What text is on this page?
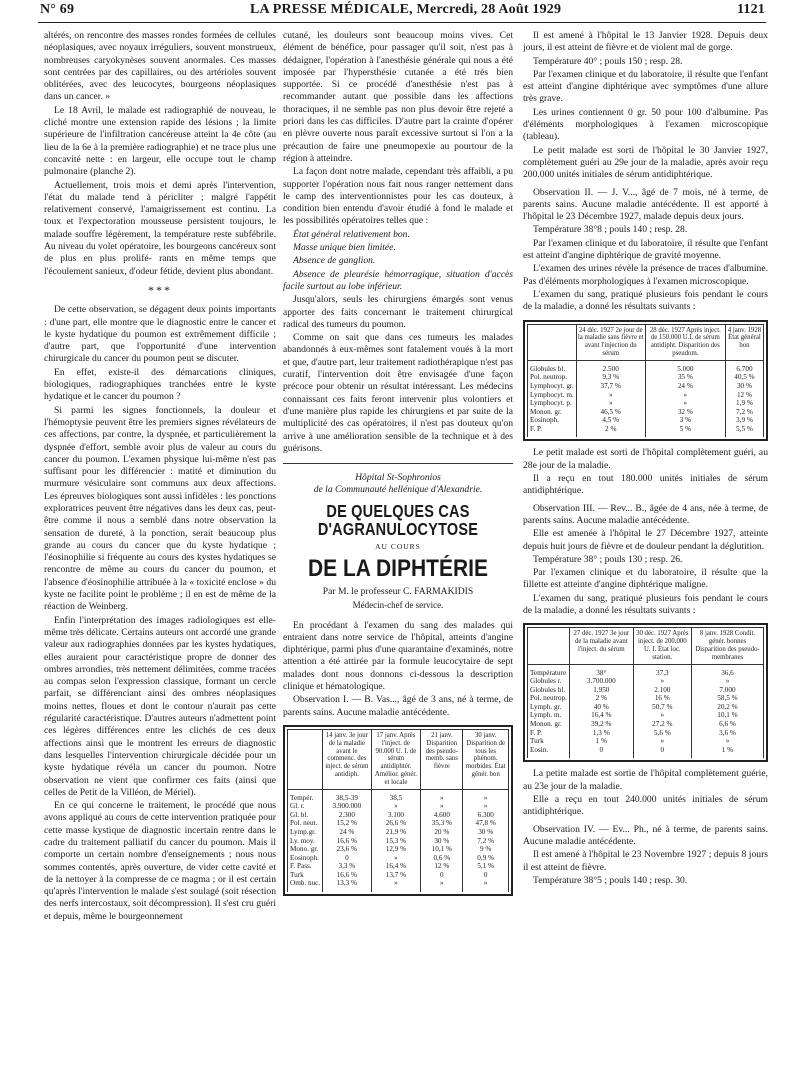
N° 69	LA PRESSE MÉDICALE, Mercredi, 28 Août 1929	1121

altérés, on rencontre des masses rondes formées de cellules néoplasiques, avec noyaux irréguliers, souvent monstrueux, nombreuses caryokynèses souvent anormales. Ces masses sont centrées par des capillaires, ou des artérioles souvent oblitérées, avec des leucocytes, bourgeons néoplasiques dans un cancer. »

Le 18 Avril, le malade est radiographié de nouveau, le cliché montre une extension rapide des lésions ; la limite supérieure de l'infiltration cancéreuse atteint la 4e côte (au lieu de la 6e à la première radiographie) et ne trace plus une concavité nette : en largeur, elle occupe tout le champ pulmonaire (planche 2).

Actuellement, trois mois et demi après l'intervention, l'état du malade tend à péricliter ; malgré l'appétit relativement conservé, l'amaigrissement est continu. La toux et l'expectoration mousseuse persistent toujours, le malade souffre légèrement, la température reste subfébrile. Au niveau du volet opératoire, les bourgeons cancéreux sont de plus en plus prolifé- rants en même temps que l'écoulement sanieux, d'odeur fétide, devient plus abondant.

***

De cette observation, se dégagent deux points importants : d'une part, elle montre que le diagnostic entre le cancer et le kyste hydatique du poumon est extrêmement difficile ; d'autre part, que l'opportunité d'une intervention chirurgicale du cancer du poumon peut se discuter.

En effet, existe-il des démarcations cliniques, biologiques, radiographiques tranchées entre le kyste hydatique et le cancer du poumon ?

Si parmi les signes fonctionnels, la douleur et l'hémoptysie peuvent être les premiers signes révélateurs de ces affections, par contre, la dyspnée, et particulièrement la dyspnée d'effort, semble avoir plus de valeur au cours du cancer du poumon. L'examen physique lui-même n'est pas suffisant pour les différencier : matité et diminution du murmure vésiculaire sont communs aux deux affections. Les épreuves biologiques sont aussi infidèles : les ponctions exploratrices peuvent être négatives dans les deux cas, peut-être comme il nous a semblé dans notre observation la sensation de dureté, à la ponction, serait beaucoup plus grande au cours du cancer que du kyste hydatique ; l'éosinophilie si fréquente au cours des kystes hydatiques se rencontre de même au cours du cancer du poumon, et l'absence d'éosinophilie attribuée à la « toxicité enclose » du kyste ne facilite point le problème ; il en est de même de la réaction de Weinberg.

Enfin l'interprétation des images radiologiques est elle-même très délicate. Certains auteurs ont accordé une grande valeur aux radiographies données par les kystes hydatiques, elles auraient pour caractéristique propre de donner des ombres arrondies, très nettement délimitées, comme tracées au compas selon l'expression classique, formant un cercle parfait, se différenciant ainsi des ombres néoplasiques moins nettes, floues et dont le contour n'aurait pas cette régularité caractéristique. D'autres auteurs n'admettent point ces légères différences entre les clichés de ces deux affections ainsi que le montrent les erreurs de diagnostic dans lesquelles l'intervention chirurgicale décidée pour un kyste hydatique révéla un cancer du poumon. Notre observation ne vient que confirmer ces faits (ainsi que celles de Petit de la Villéon, de Mériel).

En ce qui concerne le traitement, le procédé que nous avons appliqué au cours de cette intervention pratiquée pour cette masse kystique de diagnostic incertain rentre dans le cadre du traitement palliatif du cancer du poumon. Mais il comporte un certain nombre d'enseignements ; nous nous sommes contentés, après ouverture, de vider cette cavité et de la nettoyer à la compresse de ce magma ; or il est certain qu'après l'intervention le malade s'est soulagé (soit résection des nerfs intercostaux, soit décompression). Il s'est cru guéri et depuis, même le bourgeonnement

cutané, les douleurs sont beaucoup moins vives. Cet élément de bénéfice, pour passager qu'il soit, n'est pas à dédaigner, l'opération à l'anesthésie générale qui nous a été imposée par l'hypersthésie cutanée a été très bien supportée. Si ce procédé d'anesthésie n'est pas à recommander autant que possible dans les affections thoraciques, il ne semble pas non plus devoir être rejeté a priori dans les cas difficiles. D'autre part la crainte d'opérer en plèvre ouverte nous paraît excessive surtout si l'on a la précaution de faire une pneumopexie au pourtour de la région à atteindre.

La façon dont notre malade, cependant très affaibli, a pu supporter l'opération nous fait nous ranger nettement dans le camp des interventionnistes pour les cas douteux, à condition bien entendu d'avoir étudié à fond le malade et les possibilités opératoires telles que :

État général relativement bon.

Masse unique bien limitée.

Absence de ganglion.

Absence de pleurésie hémorragique, situation d'accès facile surtout au lobe inférieur.

Jusqu'alors, seuls les chirurgiens émargés sont venus apporter des faits concernant le traitement chirurgical radical des tumeurs du poumon.

Comme on sait que dans ces tumeurs les malades abandonnés à eux-mêmes sont fatalement voués à la mort et que, d'autre part, leur traitement radiothérapique n'est pas curatif, l'intervention doit être envisagée d'une façon précoce pour obtenir un résultat intéressant. Les médecins connaissant ces faits feront intervenir plus volontiers et d'une manière plus rapide les chirurgiens et par suite de la multiplicité des cas opératoires, il n'est pas douteux qu'on arrive à une amélioration sensible de la technique et à des guérisons.

Hôpital St-Sophronios
de la Communauté hellénique d'Alexandrie.
DE QUELQUES CAS D'AGRANULOCYTOSE
AU COURS
DE LA DIPHTÉRIE
Par M. le professeur C. FARMAKIDIS
Médecin-chef de service.

En procédant à l'examen du sang des malades qui entraient dans notre service de l'hôpital, atteints d'angine diphtérique, parmi plus d'une quarantaine d'examinés, notre attention a été attirée par la formule leucocytaire de sept malades dont nous donnons ci-dessous la description clinique et hématologique.

Observation I. — B. Vas..., âgé de 3 ans, né à terme, de parents sains. Aucune maladie antécédente.

	14 janv. 3e jour de la maladie avant le commenc. des inject. de sérum antidiph.	17 janv. Après l'inject. de 90.000 U. I. de sérum antidiphtér. Amélior. génér. et locale	21 janv. Disparition des pseudo-memb. sans fièvre	30 janv. Disparition de tous les phénom. morbides. État génér. bon
Tempér.	38,5-39	38,5	»	»
Gl. r.	3.900.000	»	»	»
Gl. bl.	2.300	3.100	4.600	6.300
Pol. neut.	15,2 %	26,6 %	35,3 %	47,8 %
Lymp.gr.	24 %	21,9 %	20 %	30 %
Ly. moy.	16,6 %	15,3 %	30 %	7,2 %
Mono. gr.	23,6 %	12,9 %	10,1 %	9 %
Eosinoph.	0	»	0,6 %	0,9 %
F. Pass.	3,3 %	16,4 %	12 %	5,1 %
Turk	16,6 %	13,7 %	0	0
Omb. nuc.	13,3 %	»	»	»

Il est amené à l'hôpital le 13 Janvier 1928. Depuis deux jours, il est atteint de fièvre et de violent mal de gorge.

Température 40° ; pouls 150 ; resp. 28.

Par l'examen clinique et du laboratoire, il résulte que l'enfant est atteint d'angine diphtérique avec symptômes d'une allure très grave.

Les urines contiennent 0 gr. 50 pour 100 d'albumine. Pas d'éléments morphologiques à l'examen microscopique (tableau).

Le petit malade est sorti de l'hôpital le 30 Janvier 1927, complètement guéri au 29e jour de la maladie, après avoir reçu 200.000 unités initiales de sérum antidiphtérique.

Observation II. — J. V..., âgé de 7 mois, né à terme, de parents sains. Aucune maladie antécédente. Il est apporté à l'hôpital le 23 Décembre 1927, malade depuis deux jours.

Température 38°8 ; pouls 140 ; resp. 28.

Par l'examen clinique et du laboratoire, il résulte que l'enfant est atteint d'angine diphtérique de gravité moyenne.

L'examen des urines révèle la présence de traces d'albumine. Pas d'éléments morphologiques à l'examen microscopique.

L'examen du sang, pratiqué plusieurs fois pendant le cours de la maladie, a donné les résultats suivants :

	24 déc. 1927 2e jour de la maladie sans fièvre et avant l'injection du sérum	28 déc. 1927 Après inject. de 150.000 U.I. de sérum antidipht. Disparition des pseudom.	4 janv. 1928 État général bon
Globules bl.	2.500	5.000	6.700
Pol. neutrop.	9,3 %	35 %	40,5 %
Lymphocyt. gr.	37,7 %	24 %	30 %
Lymphocyt. m.	»	»	12 %
Lymphocyt. p.	»	»	1,9 %
Monon. gr.	46,5 %	32 %	7,2 %
Eosinoph.	4,5 %	3 %	3,9 %
F. P.	2 %	5 %	5,5 %

Le petit malade est sorti de l'hôpital complètement guéri, au 28e jour de la maladie.

Il a reçu en tout 180.000 unités initiales de sérum antidiphtérique.

Observation III. — Rev... B., âgée de 4 ans, née à terme, de parents sains. Aucune maladie antécédente.

Elle est amenée à l'hôpital le 27 Décembre 1927, atteinte depuis huit jours de fièvre et de douleur pendant la déglutition.

Température 38° ; pouls 130 ; resp. 26.

Par l'examen clinique et du laboratoire, il résulte que la fillette est atteinte d'angine diphtérique maligne.

L'examen du sang, pratiqué plusieurs fois pendant le cours de la maladie, a donné les résultats suivants :

	27 déc. 1927 3e jour de la maladie avant l'inject. du sérum	30 déc. 1927 Après inject. de 200.000 U. I. État loc. station.	8 janv. 1928 Condit. génér. bonnes Disparition des pseudo-membranes
Température	38°	37,3	36,6
Globules r.	3.700.000	»	»
Globules bl.	1.950	2.100	7.000
Pol. neutrop.	2 %	16 %	58,5 %
Lymph. gr.	40 %	50,7 %	20,2 %
Lymph. m.	16,4 %	»	10,1 %
Monon. gr.	39,2 %	27,2 %	6,6 %
F. P.	1,3 %	5,6 %	3,6 %
Turk	1 %	»	»
Eosin.	0	0	1 %

La petite malade est sortie de l'hôpital complètement guérie, au 23e jour de la maladie.

Elle a reçu en tout 240.000 unités initiales de sérum antidiphtérique.

Observation IV. — Ev... Ph., né à terme, de parents sains. Aucune maladie antécédente.

Il est amené à l'hôpital le 23 Novembre 1927 ; depuis 8 jours il est atteint de fièvre.

Température 38°5 ; pouls 140 ; resp. 30.
